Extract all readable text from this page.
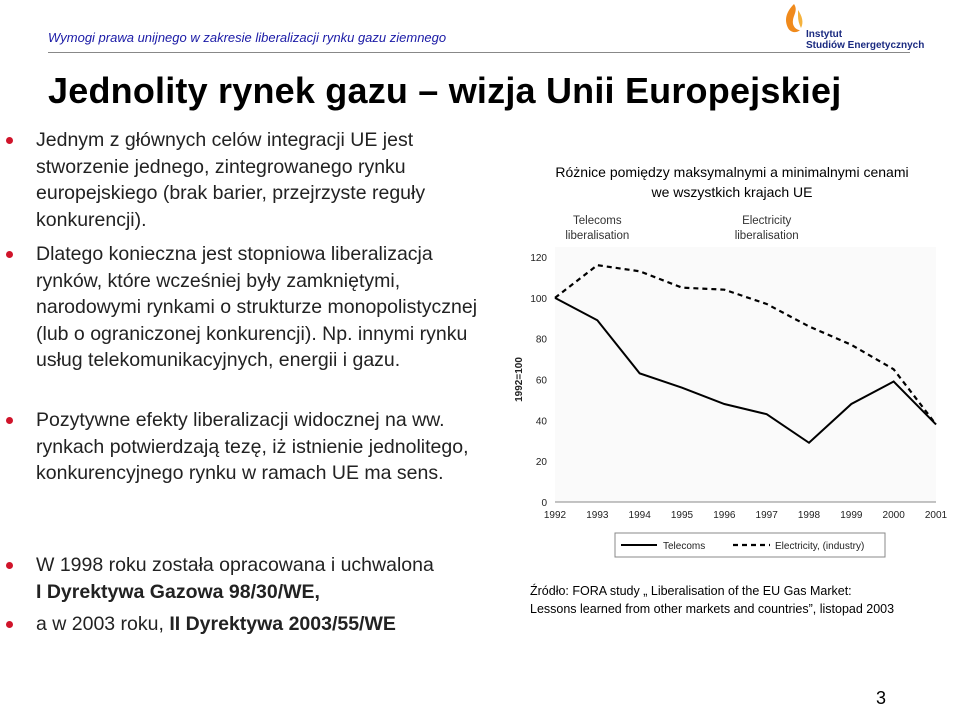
Wymogi prawa unijnego w zakresie liberalizacji rynku gazu ziemnego	Instytut
Studiów Energetycznych
Jednolity rynek gazu – wizja Unii Europejskiej
Jednym z głównych celów integracji UE jest stworzenie jednego, zintegrowanego rynku europejskiego (brak barier, przejrzyste reguły konkurencji).
Dlatego konieczna jest stopniowa liberalizacja rynków, które wcześniej były zamkniętymi, narodowymi rynkami o strukturze monopolistycznej (lub o ograniczonej konkurencji). Np. innymi rynku usług telekomunikacyjnych, energii i gazu.
Pozytywne efekty liberalizacji widocznej na ww. rynkach potwierdzają tezę, iż istnienie jednolitego, konkurencyjnego rynku w ramach UE ma sens.
W 1998 roku została opracowana i uchwalona
I Dyrektywa Gazowa 98/30/WE,
a w 2003 roku, II Dyrektywa 2003/55/WE
Różnice pomiędzy maksymalnymi a minimalnymi cenami
we wszystkich krajach UE
0
20
40
60
80
100
120
1992=100
1992 1993 1994 1995 1996 1997 1998 1999 2000 2001
Telecoms
liberalisation
Electricity
liberalisation
Telecoms	Electricity, (industry)
Źródło: FORA study „ Liberalisation of the EU Gas Market:
Lessons learned from other markets and countries”, listopad 2003
3
